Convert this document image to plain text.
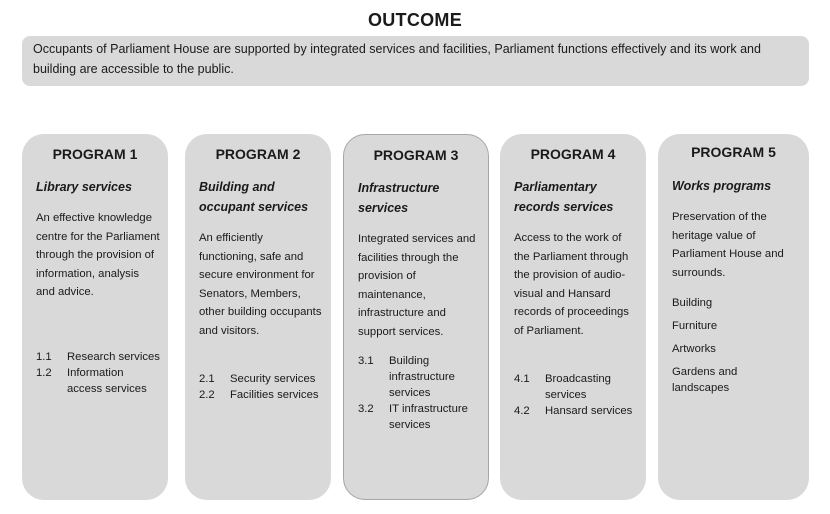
OUTCOME
Occupants of Parliament House are supported by integrated services and facilities, Parliament functions effectively and its work and building are accessible to the public.
PROGRAM 1
Library services
An effective knowledge centre for the Parliament through the provision of information, analysis and advice.
1.1	Research services
1.2	Information access services
PROGRAM 2
Building and occupant services
An efficiently functioning, safe and secure environment for Senators, Members, other building occupants and visitors.
2.1	Security services
2.2	Facilities services
PROGRAM 3
Infrastructure services
Integrated services and facilities through the provision of maintenance, infrastructure and support services.
3.1	Building infrastructure services
3.2	IT infrastructure services
PROGRAM 4
Parliamentary records services
Access to the work of the Parliament through the provision of audio-visual and Hansard records of proceedings of Parliament.
4.1	Broadcasting services
4.2	Hansard services
PROGRAM 5
Works programs
Preservation of the heritage value of Parliament House and surrounds.
Building
Furniture
Artworks
Gardens and landscapes
